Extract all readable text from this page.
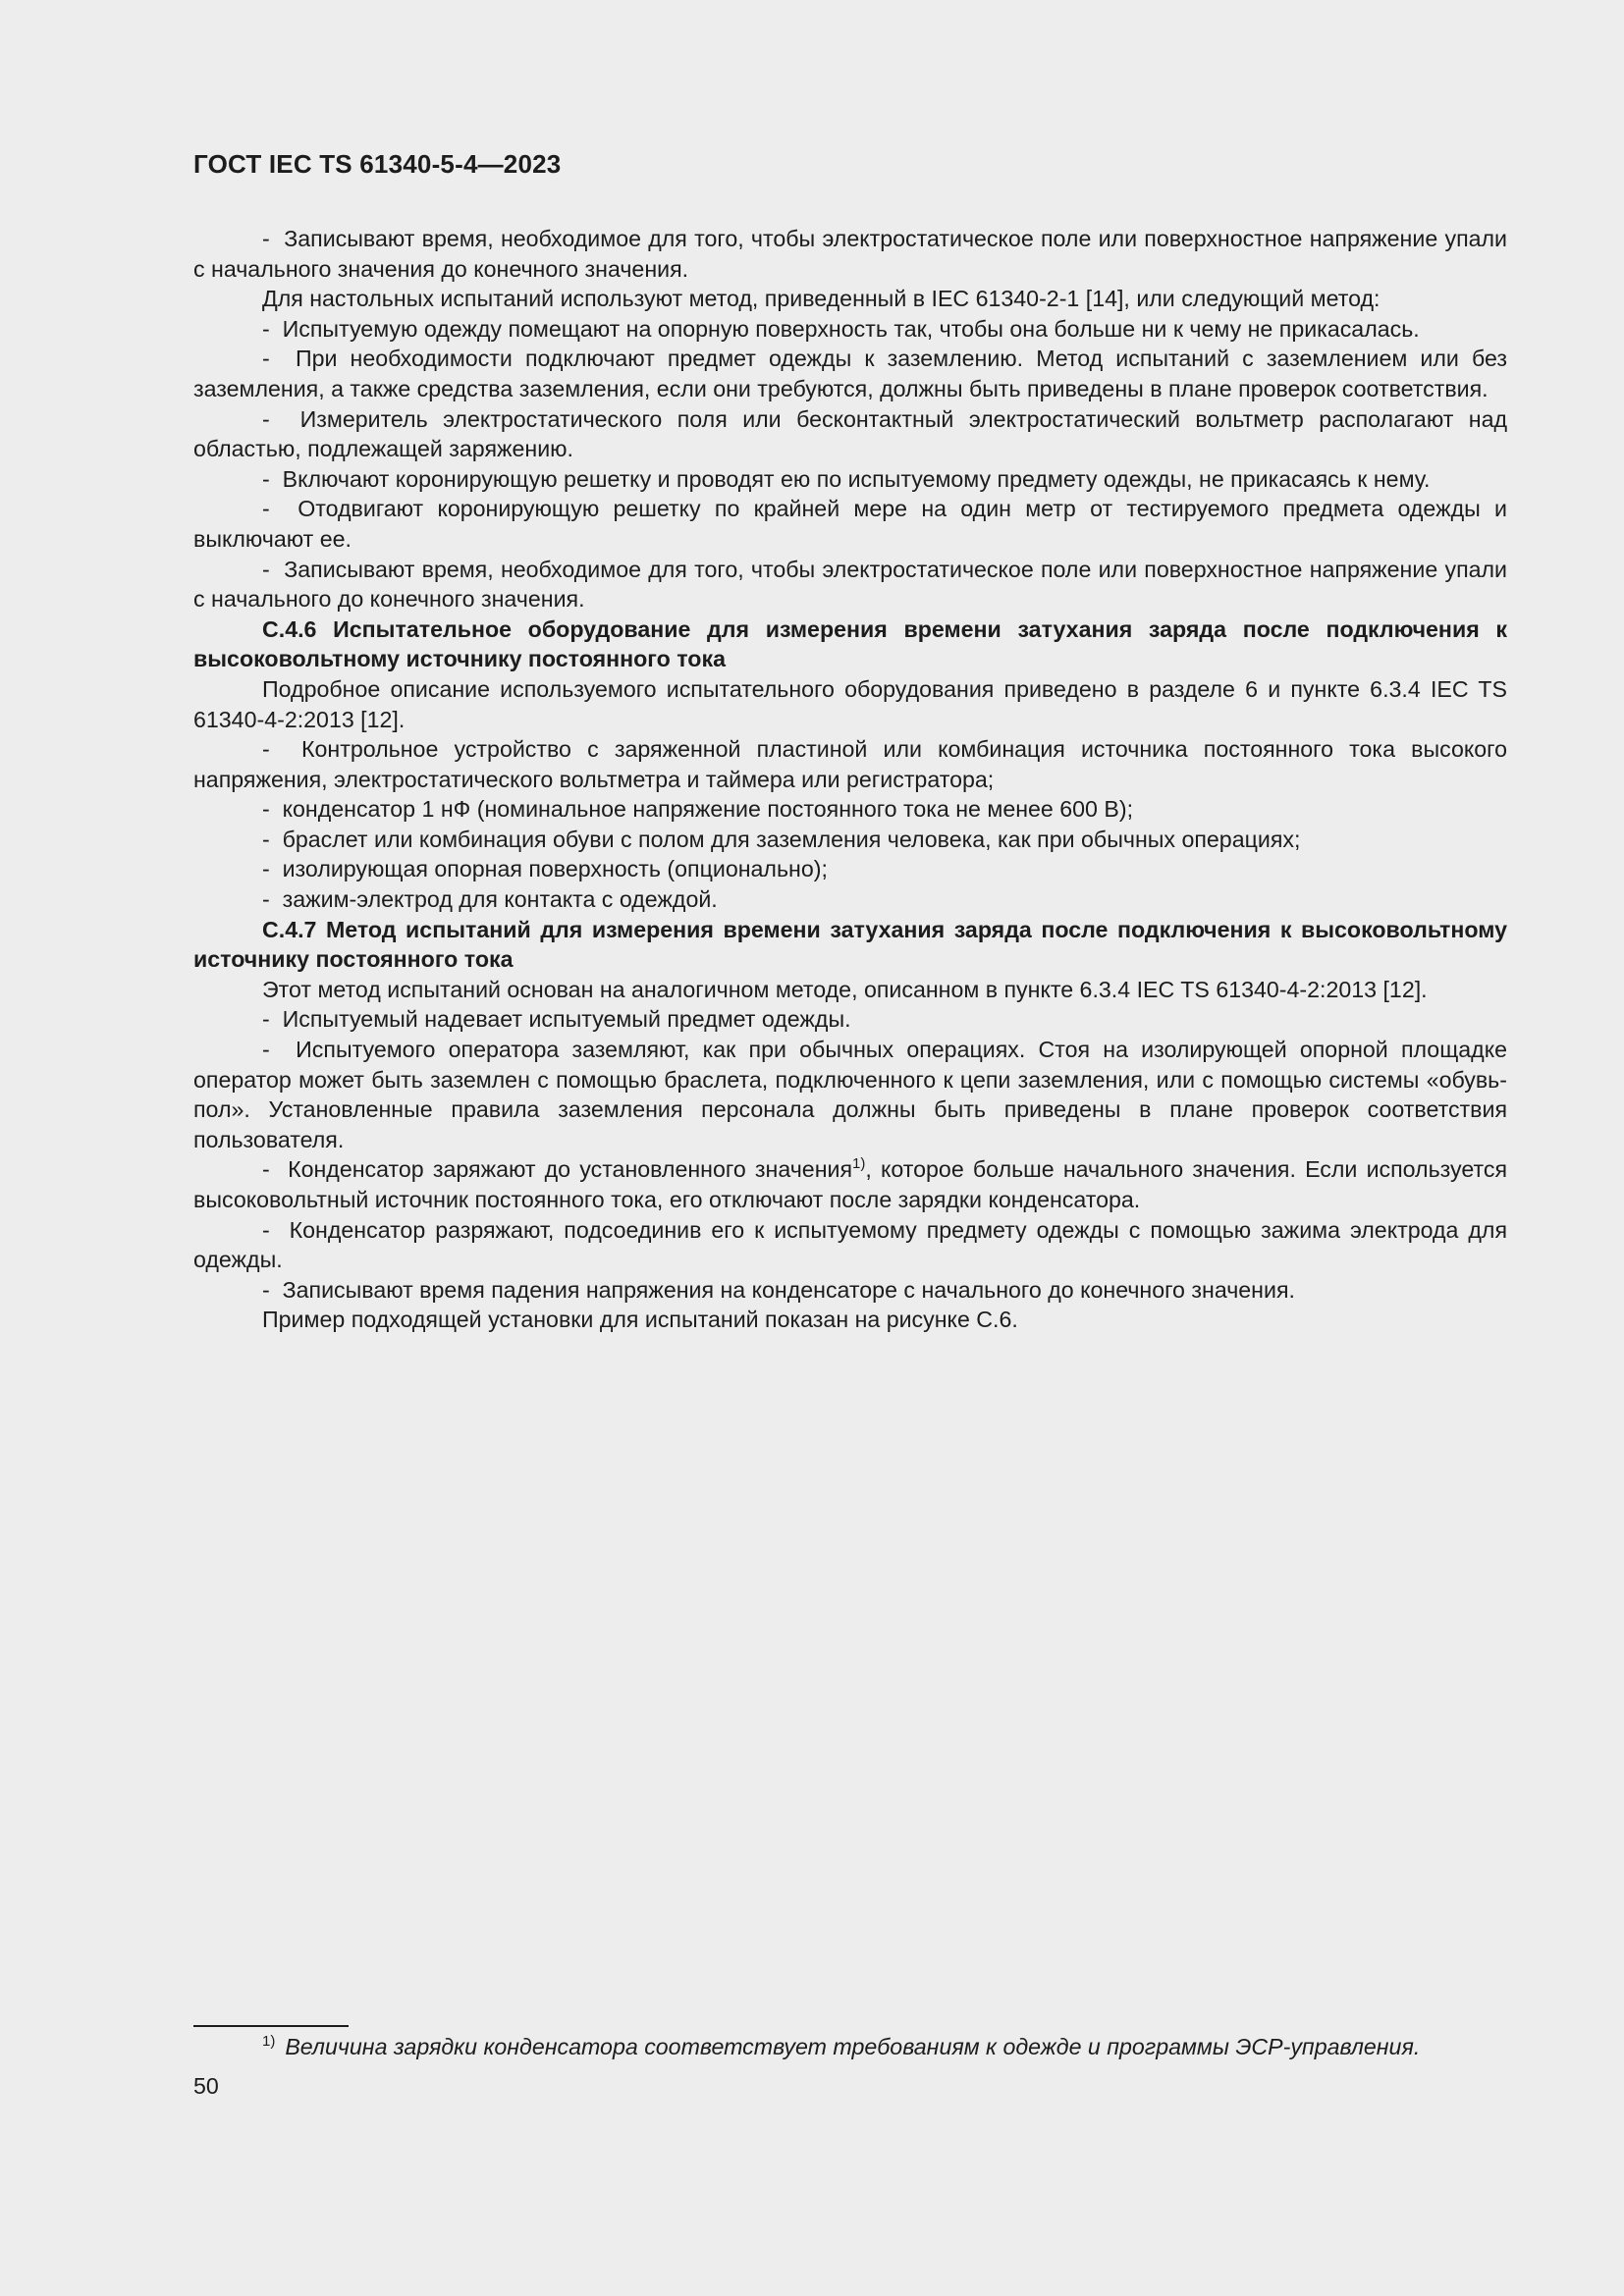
ГОСТ IEC TS 61340-5-4—2023

-  Записывают время, необходимое для того, чтобы электростатическое поле или поверхностное напряжение упали с начального значения до конечного значения.

Для настольных испытаний используют метод, приведенный в IEC 61340-2-1 [14], или следующий метод:

-  Испытуемую одежду помещают на опорную поверхность так, чтобы она больше ни к чему не прикасалась.

-  При необходимости подключают предмет одежды к заземлению. Метод испытаний с заземлением или без заземления, а также средства заземления, если они требуются, должны быть приведены в плане проверок соответствия.

-  Измеритель электростатического поля или бесконтактный электростатический вольтметр располагают над областью, подлежащей заряжению.

-  Включают коронирующую решетку и проводят ею по испытуемому предмету одежды, не прикасаясь к нему.

-  Отодвигают коронирующую решетку по крайней мере на один метр от тестируемого предмета одежды и выключают ее.

-  Записывают время, необходимое для того, чтобы электростатическое поле или поверхностное напряжение упали с начального до конечного значения.

С.4.6 Испытательное оборудование для измерения времени затухания заряда после подключения к высоковольтному источнику постоянного тока

Подробное описание используемого испытательного оборудования приведено в разделе 6 и пункте 6.3.4 IEC TS 61340-4-2:2013 [12].

-  Контрольное устройство с заряженной пластиной или комбинация источника постоянного тока высокого напряжения, электростатического вольтметра и таймера или регистратора;

-  конденсатор 1 нФ (номинальное напряжение постоянного тока не менее 600 В);

-  браслет или комбинация обуви с полом для заземления человека, как при обычных операциях;

-  изолирующая опорная поверхность (опционально);

-  зажим-электрод для контакта с одеждой.

С.4.7 Метод испытаний для измерения времени затухания заряда после подключения к высоковольтному источнику постоянного тока

Этот метод испытаний основан на аналогичном методе, описанном в пункте 6.3.4 IEC TS 61340-4-2:2013 [12].

-  Испытуемый надевает испытуемый предмет одежды.

-  Испытуемого оператора заземляют, как при обычных операциях. Стоя на изолирующей опорной площадке оператор может быть заземлен с помощью браслета, подключенного к цепи заземления, или с помощью системы «обувь-пол». Установленные правила заземления персонала должны быть приведены в плане проверок соответствия пользователя.

-  Конденсатор заряжают до установленного значения$^{1)}$, которое больше начального значения. Если используется высоковольтный источник постоянного тока, его отключают после зарядки конденсатора.

-  Конденсатор разряжают, подсоединив его к испытуемому предмету одежды с помощью зажима электрода для одежды.

-  Записывают время падения напряжения на конденсаторе с начального до конечного значения.

Пример подходящей установки для испытаний показан на рисунке С.6.

$^{1)}$ Величина зарядки конденсатора соответствует требованиям к одежде и программы ЭСР-управления.
50
